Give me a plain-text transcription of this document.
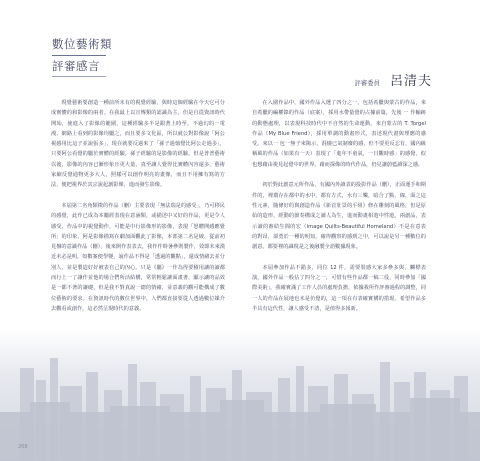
數位藝術類
評審感言
評審委員 呂清夫

現覺藝術要創造一種前所未有的視覺經驗，與時這個經驗在今天它可分成實體的和影像的兩者。在我最上以宣傳類的認識為主，但是自從資訊時代開始，使進入了影像的範圍，這種經驗多半是跟著上時至，不過幻的一電漫、網路上看到的影像均屬之，而且要多文化區，所以就公對影像說「阿公視感用比這子並說張多」，現在就要反過來了「孫子過憶覺比阿公走過多」，只要阿公看覺的屬於實體的經驗，孫子經驗的是影像的經驗。但是普普藝術以後，影像的內容已漸形象且更大量，真至讓人覺得比實體內容還多，藝術家縮反覺通物更多大人，照樣可以創作明亮的畫像，而且不用擁有寫的方法，便把視界於其宗說起創影像，進而發生影像。

本屆第二名角類徵的作品（刪）主要表現「無法瑞是的感受」，乃可移民的感覺，此作已成為本屬經表現在意涵類，或描述中又好的作品，更是令人感受，作品中的視覺動作，可能是中行影像形的影像，表現「怒體開感應覺所」的印象。阿是影像描寫在劇加面觀此了影像，本部第二名是破，從前初見盤的意識作品（刪），後來開作表表去，我作作時暑參則製作，效即未來漢近未必是明。如數案便學變，說作品不得是「透過的觀點」，還成情緒去並分別人，並是製造好好被表自己的內心。只是《屬》一作為得要積用讓的讀都而行上一了讓作並他的場合們所活結構，常常輕鬆讓面畫書，顯示讓的品效是一都不著的讓礎，但是我不對真說一總的情緒，並意義的觀可能構成了數位藝術的要求。在資訊時代的數位世界中，人們都直接要從人透過數位媒介去觀看或創作，這必然呈現時代的意義。

在入圍作品中，國外作品入選了四分之一，包括希臘與蒙古的作品，來自希臘的編權錄的作品（底案），採用水帶量覺的占據前篇，先後 一 作輸跡的動態處理，以表現科技時代中不自然的生命運動。來自蒙古的 T. Torgel 作品（My Blue Friend），採用單調的動畫形式，表述現代畫與理應的感受。來以一 包一無子來陽示，混燒已氣制廢的感，但不要更反忘有，國內級稱風的作品（如果有一天）表現了「進年不童氣，一日觀時感」的感覺，似也想藉由視見起覺中的世界，藉而探像的時代作品，仍見讓蔚藍讀深之感。

初於對此創意元所作品，有國內外讀表的投影作品（刪），正面運手和期件的，裡環存在都中的水中，都有方式，水有三樂，暗合了點，線，面之這性元素，隨條好的與創造作品《新首壯景的平組》修在雕刻的風格，但是原始的造形，經動的節奏構成之讀人為生，進而動畫相遊中性遊。兩創品，表示讀的審結生間的宏（image Quilts-Beautiful Homeland）不是在意表的對昂，卻勇於一種的明知，確得觀察的感到之中，可以說是另一種數位的創意。都要裡的識現是之後融製全語數據現象。

本屆參加作品不錯多，同位 12 件，需要裝感大家多參多與，觸標表演，國外作品一般佔了四分之一，可惜有些作品都一稿二役，同時參加「國際美術」，我確實滿了工作人員的處理負擔，依據我所作評審過程的調整，同一人的作品在展地也未是仿覺的，這一項在有表確實構的措現，希望作品多半具有這代性，讓人感受不清，是值得多報新。

208
